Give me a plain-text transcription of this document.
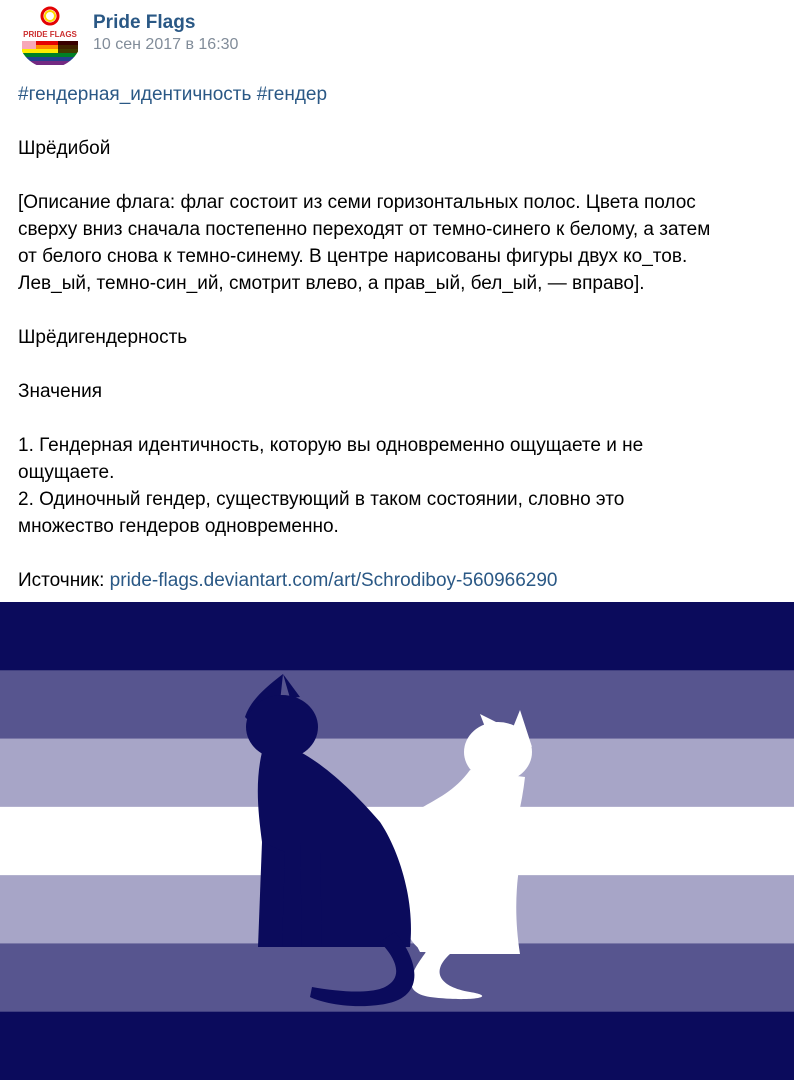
PRIDE FLAGS
Pride Flags
10 сен 2017 в 16:30

#гендерная_идентичность #гендер

Шрёдибой

[Описание флага: флаг состоит из семи горизонтальных полос. Цвета полос

сверху вниз сначала постепенно переходят от темно-синего к белому, а затем

от белого снова к темно-синему. В центре нарисованы фигуры двух ко_тов.

Лев_ый, темно-син_ий, смотрит влево, а прав_ый, бел_ый, — вправо].

Шрёдигендерность

Значения

1. Гендерная идентичность, которую вы одновременно ощущаете и не

ощущаете.

2. Одиночный гендер, существующий в таком состоянии, словно это

множество гендеров одновременно.

Источник: pride-flags.deviantart.com/art/Schrodiboy-560966290
